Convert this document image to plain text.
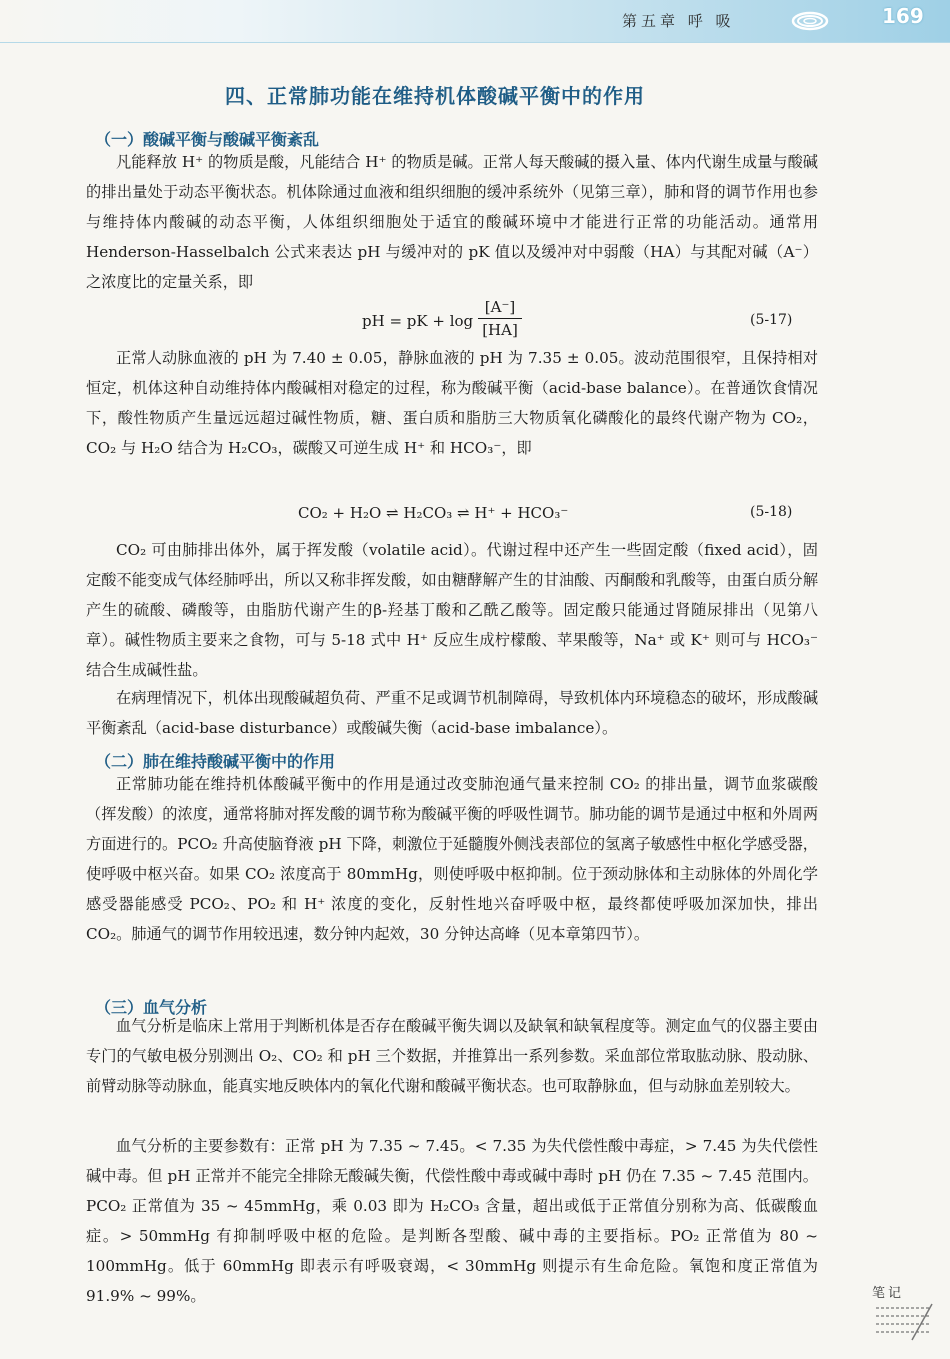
第五章 呼 吸	169
四、正常肺功能在维持机体酸碱平衡中的作用
（一）酸碱平衡与酸碱平衡紊乱
凡能释放 H⁺ 的物质是酸，凡能结合 H⁺ 的物质是碱。正常人每天酸碱的摄入量、体内代谢生成量与酸碱的排出量处于动态平衡状态。机体除通过血液和组织细胞的缓冲系统外（见第三章），肺和肾的调节作用也参与维持体内酸碱的动态平衡，人体组织细胞处于适宜的酸碱环境中才能进行正常的功能活动。通常用 Henderson-Hasselbalch 公式来表达 pH 与缓冲对的 pK 值以及缓冲对中弱酸（HA）与其配对碱（A⁻）之浓度比的定量关系，即
pH = pK + $\log \frac{[A^-]}{[HA]}$	(5-17)
正常人动脉血液的 pH 为 7.40 ± 0.05，静脉血液的 pH 为 7.35 ± 0.05。波动范围很窄，且保持相对恒定，机体这种自动维持体内酸碱相对稳定的过程，称为酸碱平衡（acid-base balance）。在普通饮食情况下，酸性物质产生量远远超过碱性物质，糖、蛋白质和脂肪三大物质氧化磷酸化的最终代谢产物为 CO₂，CO₂ 与 H₂O 结合为 H₂CO₃，碳酸又可逆生成 H⁺ 和 HCO₃⁻，即
CO₂ + H₂O ⇌ H₂CO₃ ⇌ H⁺ + HCO₃⁻	(5-18)
CO₂ 可由肺排出体外，属于挥发酸（volatile acid）。代谢过程中还产生一些固定酸（fixed acid），固定酸不能变成气体经肺呼出，所以又称非挥发酸，如由糖酵解产生的甘油酸、丙酮酸和乳酸等，由蛋白质分解产生的硫酸、磷酸等，由脂肪代谢产生的β-羟基丁酸和乙酰乙酸等。固定酸只能通过肾随尿排出（见第八章）。碱性物质主要来之食物，可与 5-18 式中 H⁺ 反应生成柠檬酸、苹果酸等，Na⁺ 或 K⁺ 则可与 HCO₃⁻ 结合生成碱性盐。
在病理情况下，机体出现酸碱超负荷、严重不足或调节机制障碍，导致机体内环境稳态的破坏，形成酸碱平衡紊乱（acid-base disturbance）或酸碱失衡（acid-base imbalance）。
（二）肺在维持酸碱平衡中的作用
正常肺功能在维持机体酸碱平衡中的作用是通过改变肺泡通气量来控制 CO₂ 的排出量，调节血浆碳酸（挥发酸）的浓度，通常将肺对挥发酸的调节称为酸碱平衡的呼吸性调节。肺功能的调节是通过中枢和外周两方面进行的。PCO₂ 升高使脑脊液 pH 下降，刺激位于延髓腹外侧浅表部位的氢离子敏感性中枢化学感受器，使呼吸中枢兴奋。如果 CO₂ 浓度高于 80mmHg，则使呼吸中枢抑制。位于颈动脉体和主动脉体的外周化学感受器能感受 PCO₂、PO₂ 和 H⁺ 浓度的变化，反射性地兴奋呼吸中枢，最终都使呼吸加深加快，排出 CO₂。肺通气的调节作用较迅速，数分钟内起效，30 分钟达高峰（见本章第四节）。
（三）血气分析
血气分析是临床上常用于判断机体是否存在酸碱平衡失调以及缺氧和缺氧程度等。测定血气的仪器主要由专门的气敏电极分别测出 O₂、CO₂ 和 pH 三个数据，并推算出一系列参数。采血部位常取肱动脉、股动脉、前臂动脉等动脉血，能真实地反映体内的氧化代谢和酸碱平衡状态。也可取静脉血，但与动脉血差别较大。
血气分析的主要参数有：正常 pH 为 7.35 ~ 7.45。< 7.35 为失代偿性酸中毒症，> 7.45 为失代偿性碱中毒。但 pH 正常并不能完全排除无酸碱失衡，代偿性酸中毒或碱中毒时 pH 仍在 7.35 ~ 7.45 范围内。PCO₂ 正常值为 35 ~ 45mmHg，乘 0.03 即为 H₂CO₃ 含量，超出或低于正常值分别称为高、低碳酸血症。> 50mmHg 有抑制呼吸中枢的危险。是判断各型酸、碱中毒的主要指标。PO₂ 正常值为 80 ~ 100mmHg。低于 60mmHg 即表示有呼吸衰竭，< 30mmHg 则提示有生命危险。氧饱和度正常值为 91.9% ~ 99%。	笔记
